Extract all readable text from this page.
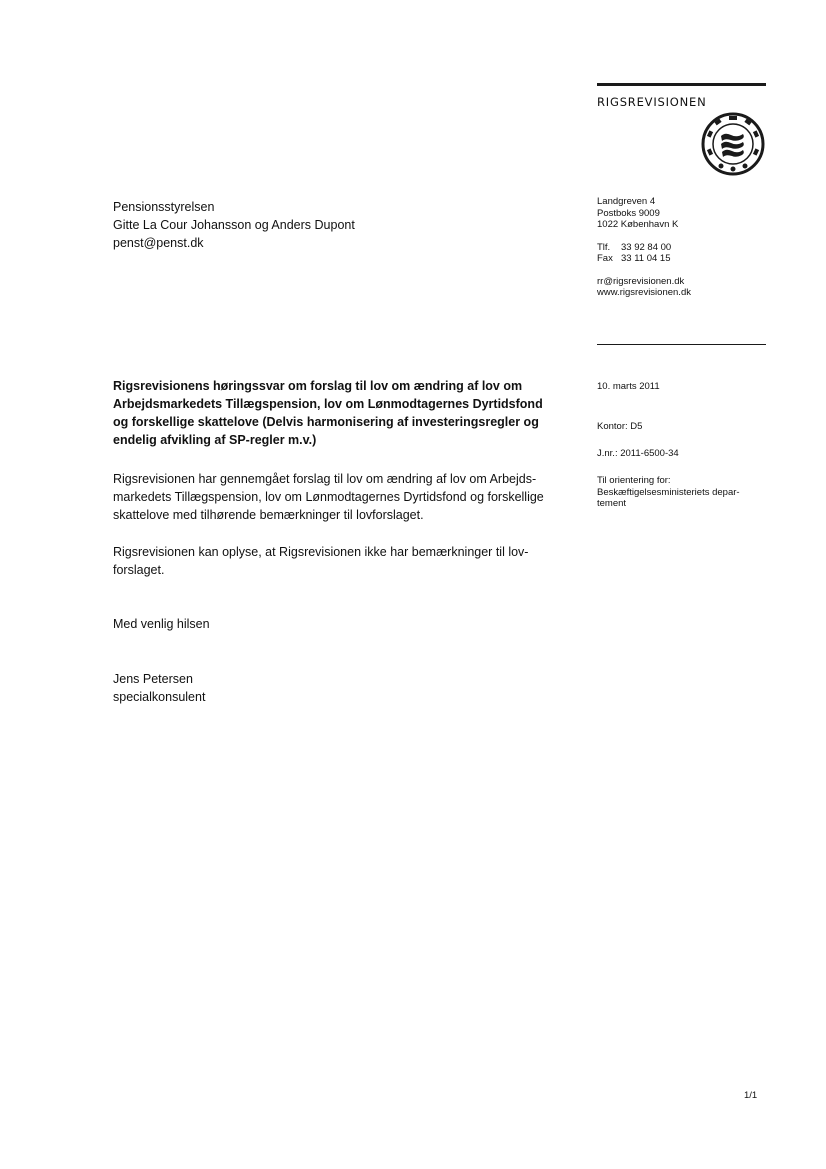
RIGSREVISIONEN
Pensionsstyrelsen
Gitte La Cour Johansson og Anders Dupont
penst@penst.dk
Landgreven 4
Postboks 9009
1022 København K
Tlf. 33 92 84 00
Fax 33 11 04 15
rr@rigsrevisionen.dk
www.rigsrevisionen.dk
Rigsrevisionens høringssvar om forslag til lov om ændring af lov om
Arbejdsmarkedets Tillægspension, lov om Lønmodtagernes Dyrtidsfond
og forskellige skattelove (Delvis harmonisering af investeringsregler og
endelig afvikling af SP-regler m.v.)
10. marts 2011
Kontor: D5
J.nr.: 2011-6500-34
Til orientering for:
Beskæftigelsesministeriets depar-
tement
Rigsrevisionen har gennemgået forslag til lov om ændring af lov om Arbejds-
markedets Tillægspension, lov om Lønmodtagernes Dyrtidsfond og forskellige
skattelove med tilhørende bemærkninger til lovforslaget.
Rigsrevisionen kan oplyse, at Rigsrevisionen ikke har bemærkninger til lov-
forslaget.
Med venlig hilsen
Jens Petersen
specialkonsulent
1/1
